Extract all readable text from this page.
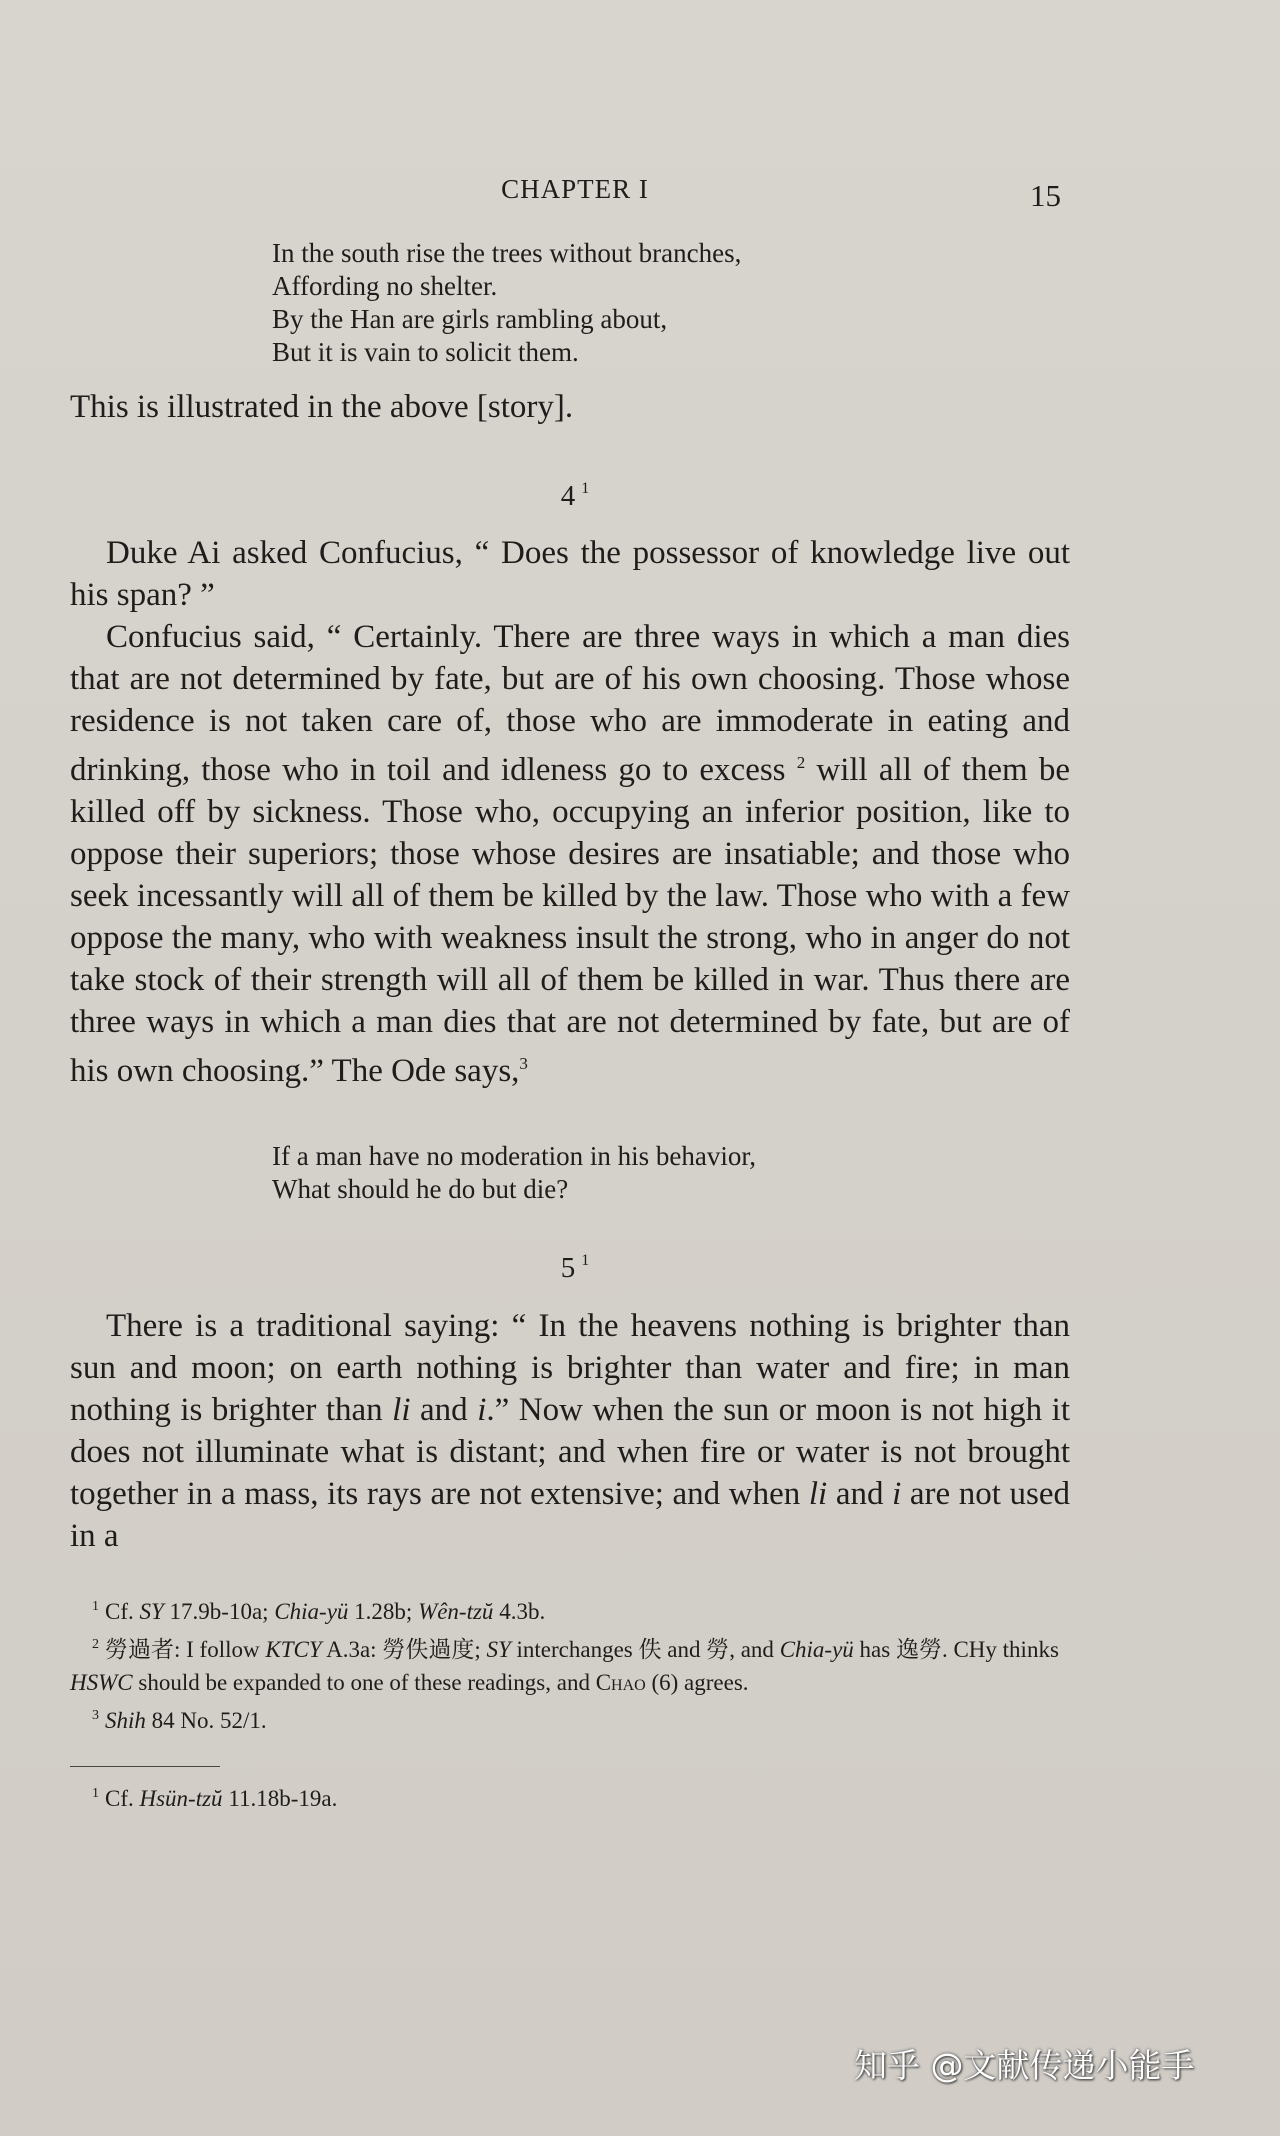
CHAPTER I	15
In the south rise the trees without branches,
Affording no shelter.
By the Han are girls rambling about,
But it is vain to solicit them.

This is illustrated in the above [story].

4 $^1$

Duke Ai asked Confucius, “ Does the possessor of knowledge live out his span? ”

Confucius said, “ Certainly. There are three ways in which a man dies that are not determined by fate, but are of his own choosing. Those whose residence is not taken care of, those who are immoderate in eating and drinking, those who in toil and idleness go to excess $^2$ will all of them be killed off by sickness. Those who, occupying an inferior position, like to oppose their superiors; those whose desires are insatiable; and those who seek incessantly will all of them be killed by the law. Those who with a few oppose the many, who with weakness insult the strong, who in anger do not take stock of their strength will all of them be killed in war. Thus there are three ways in which a man dies that are not determined by fate, but are of his own choosing.” The Ode says,$^3$

If a man have no moderation in his behavior,
What should he do but die?
5 $^1$

There is a traditional saying: “ In the heavens nothing is brighter than sun and moon; on earth nothing is brighter than water and fire; in man nothing is brighter than li and i.” Now when the sun or moon is not high it does not illuminate what is distant; and when fire or water is not brought together in a mass, its rays are not extensive; and when li and i are not used in a

$^1$ Cf. SY 17.9b-10a; Chia-yü 1.28b; Wên-tzŭ 4.3b.

$^2$ 勞過者: I follow KTCY A.3a: 勞佚過度; SY interchanges 佚 and 勞, and Chia-yü has 逸勞. CHy thinks HSWC should be expanded to one of these readings, and Chao (6) agrees.

$^3$ Shih 84 No. 52/1.

$^1$ Cf. Hsün-tzŭ 11.18b-19a.

知乎 @文献传递小能手
